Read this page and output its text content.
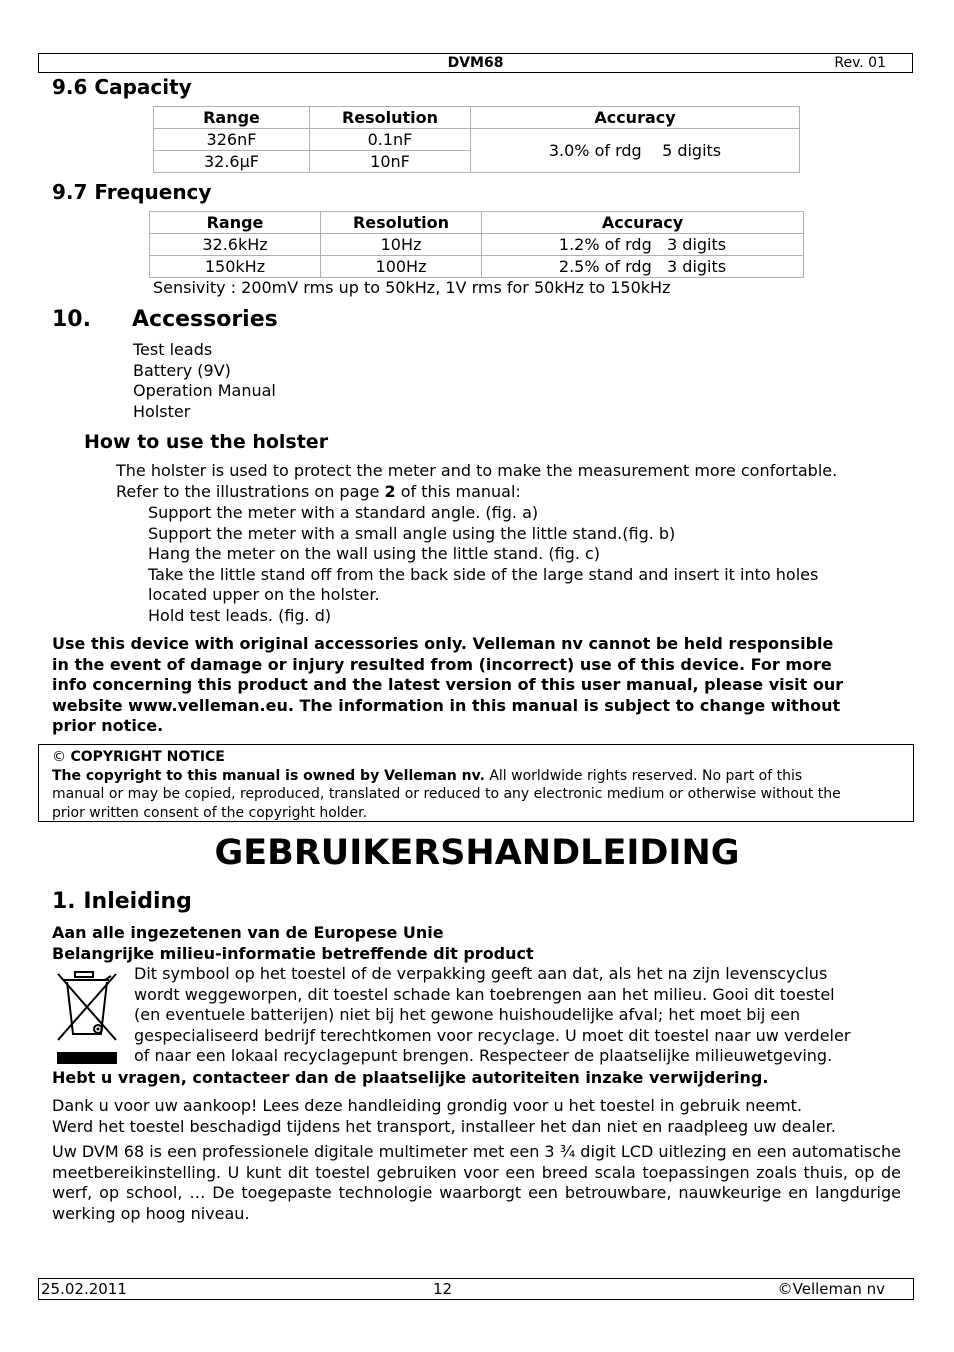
DVM68	Rev. 01
9.6 Capacity
Range	Resolution	Accuracy
326nF	0.1nF	3.0% of rdg 5 digits
32.6µF	10nF	
9.7 Frequency
Range	Resolution	Accuracy
32.6kHz	10Hz	1.2% of rdg 3 digits
150kHz	100Hz	2.5% of rdg 3 digits
Sensivity : 200mV rms up to 50kHz, 1V rms for 50kHz to 150kHz
10. Accessories
Test leads
Battery (9V)
Operation Manual
Holster
How to use the holster
The holster is used to protect the meter and to make the measurement more confortable.
Refer to the illustrations on page 2 of this manual:
Support the meter with a standard angle. (fig. a)
Support the meter with a small angle using the little stand.(fig. b)
Hang the meter on the wall using the little stand. (fig. c)
Take the little stand off from the back side of the large stand and insert it into holes
located upper on the holster.
Hold test leads. (fig. d)
Use this device with original accessories only. Velleman nv cannot be held responsible
in the event of damage or injury resulted from (incorrect) use of this device. For more
info concerning this product and the latest version of this user manual, please visit our
website www.velleman.eu. The information in this manual is subject to change without
prior notice.
© COPYRIGHT NOTICE
The copyright to this manual is owned by Velleman nv. All worldwide rights reserved. No part of this
manual or may be copied, reproduced, translated or reduced to any electronic medium or otherwise without the
prior written consent of the copyright holder.
GEBRUIKERSHANDLEIDING
1. Inleiding
Aan alle ingezetenen van de Europese Unie
Belangrijke milieu-informatie betreffende dit product
Dit symbool op het toestel of de verpakking geeft aan dat, als het na zijn levenscyclus
wordt weggeworpen, dit toestel schade kan toebrengen aan het milieu. Gooi dit toestel
(en eventuele batterijen) niet bij het gewone huishoudelijke afval; het moet bij een
gespecialiseerd bedrijf terechtkomen voor recyclage. U moet dit toestel naar uw verdeler
of naar een lokaal recyclagepunt brengen. Respecteer de plaatselijke milieuwetgeving.
Hebt u vragen, contacteer dan de plaatselijke autoriteiten inzake verwijdering.
Dank u voor uw aankoop! Lees deze handleiding grondig voor u het toestel in gebruik neemt.
Werd het toestel beschadigd tijdens het transport, installeer het dan niet en raadpleeg uw dealer.
Uw DVM 68 is een professionele digitale multimeter met een 3 ¾ digit LCD uitlezing en een automatische meetbereikinstelling. U kunt dit toestel gebruiken voor een breed scala toepassingen zoals thuis, op de werf, op school, … De toegepaste technologie waarborgt een betrouwbare, nauwkeurige en langdurige werking op hoog niveau.
25.02.2011	12	©Velleman nv
